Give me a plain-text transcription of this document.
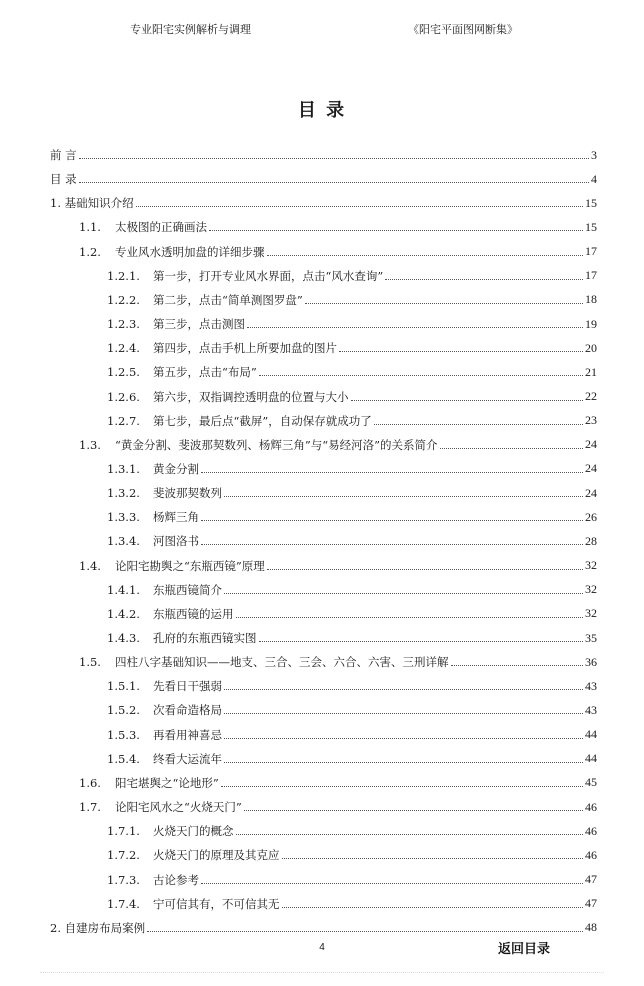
专业阳宅实例解析与调理	《阳宅平面图网断集》
目 录
前 言	3
目 录	4
1. 基础知识介绍	15
1.1.	太极图的正确画法	15
1.2.	专业风水透明加盘的详细步骤	17
1.2.1.	第一步，打开专业风水界面，点击“风水查询”	17
1.2.2.	第二步，点击“简单测图罗盘”	18
1.2.3.	第三步，点击测图	19
1.2.4.	第四步，点击手机上所要加盘的图片	20
1.2.5.	第五步，点击“布局”	21
1.2.6.	第六步，双指调控透明盘的位置与大小	22
1.2.7.	第七步，最后点“截屏”，自动保存就成功了	23
1.3.	“黄金分割、斐波那契数列、杨辉三角”与“易经河洛”的关系简介	24
1.3.1.	黄金分割	24
1.3.2.	斐波那契数列	24
1.3.3.	杨辉三角	26
1.3.4.	河图洛书	28
1.4.	论阳宅勘舆之“东瓶西镜”原理	32
1.4.1.	东瓶西镜简介	32
1.4.2.	东瓶西镜的运用	32
1.4.3.	孔府的东瓶西镜实图	35
1.5.	四柱八字基础知识——地支、三合、三会、六合、六害、三刑详解	36
1.5.1.	先看日干强弱	43
1.5.2.	次看命造格局	43
1.5.3.	再看用神喜忌	44
1.5.4.	终看大运流年	44
1.6.	阳宅堪舆之“论地形”	45
1.7.	论阳宅风水之“火烧天门”	46
1.7.1.	火烧天门的概念	46
1.7.2.	火烧天门的原理及其克应	46
1.7.3.	古论参考	47
1.7.4.	宁可信其有，不可信其无	47
2. 自建房布局案例	48
4	返回目录
